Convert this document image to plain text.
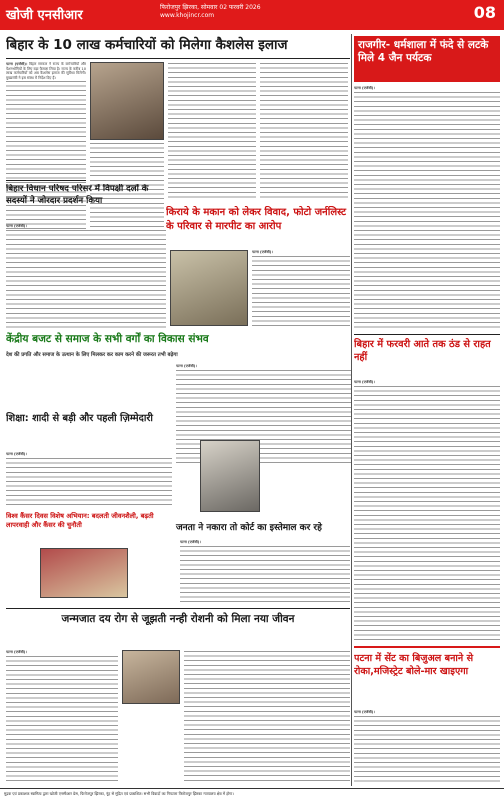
खोजी एनसीआर
फिरोजपुर झिरका, सोमवार 02 फरवरी 2026
www.khojincr.com	08
बिहार के 10 लाख कर्मचारियों को मिलेगा कैशलेस इलाज
पटना (एजेंसी)। बिहार सरकार ने राज्य के कर्मचारियों और पेंशनभोगियों के लिए बड़ा फैसला लिया है। राज्य के करीब 10 लाख कर्मचारियों को अब कैशलेस इलाज की सुविधा मिलेगी। मुख्यमंत्री ने इस संबंध में निर्देश दिए हैं।
बिहार विधान परिषद परिसर में विपक्षी दलों के सदस्यों ने जोरदार प्रदर्शन किया
पटना (एजेंसी)।
किराये के मकान को लेकर विवाद, फोटो जर्नलिस्ट के परिवार से मारपीट का आरोप
पटना (एजेंसी)।
केंद्रीय बजट से समाज के सभी वर्गों का विकास संभव
देश की प्रगति और समाज के उत्थान के लिए मिलकर कर काम करने की जरूरत तभी बढ़ेगा
पटना (एजेंसी)।
शिक्षा: शादी से बड़ी और पहली ज़िम्मेदारी
पटना (एजेंसी)।
विश्व कैंसर दिवस विशेष अभियान: बदलती जीवनशैली, बढ़ती लापरवाही और कैंसर की चुनौती	जनता ने नकारा तो कोर्ट का इस्तेमाल कर रहे
पटना (एजेंसी)।
जन्मजात दय रोग से जूझती नन्ही रोशनी को मिला नया जीवन
पटना (एजेंसी)।
राजगीर- धर्मशाला में फंदे से लटके मिले 4 जैन पर्यटक
पटना (एजेंसी)।
बिहार में फरवरी आते तक ठंड से राहत नहीं
पटना (एजेंसी)।
पटना में सेंट का बिजुअल बनाने से रोका,मजिस्ट्रेट बोले-मार खाइएगा
पटना (एजेंसी)।
मुद्रक एवं प्रकाशक स्वामित्व द्वारा खोजी एनसीआर प्रेस, फिरोजपुर झिरका, नूंह से मुद्रित एवं प्रकाशित। सभी विवादों का निपटारा फिरोजपुर झिरका न्यायालय क्षेत्र में होगा।
